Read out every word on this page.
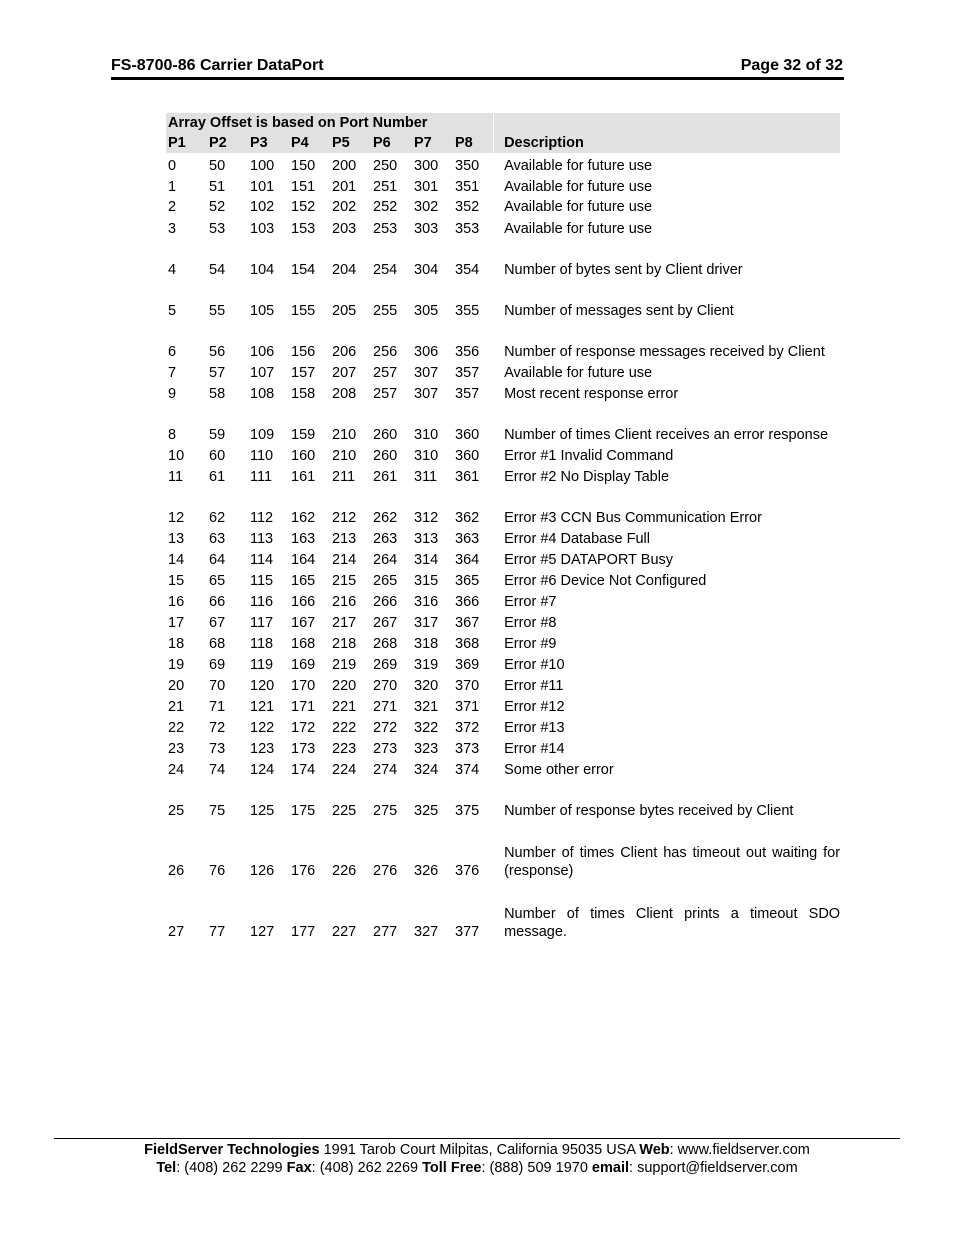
FS-8700-86 Carrier DataPort	Page 32 of 32
Array Offset is based on Port Number								
P1	P2	P3	P4	P5	P6	P7	P8		Description
0	50	100	150	200	250	300	350		Available for future use
1	51	101	151	201	251	301	351		Available for future use
2	52	102	152	202	252	302	352		Available for future use
3	53	103	153	203	253	303	353		Available for future use
4	54	104	154	204	254	304	354		Number of bytes sent by Client driver
5	55	105	155	205	255	305	355		Number of messages sent by Client
6	56	106	156	206	256	306	356		Number of response messages received by Client
7	57	107	157	207	257	307	357		Available for future use
9	58	108	158	208	257	307	357		Most recent response error
8	59	109	159	210	260	310	360		Number of times Client receives an error response
10	60	110	160	210	260	310	360		Error #1 Invalid Command
11	61	111	161	211	261	311	361		Error #2 No Display Table
12	62	112	162	212	262	312	362		Error #3 CCN Bus Communication Error
13	63	113	163	213	263	313	363		Error #4 Database Full
14	64	114	164	214	264	314	364		Error #5 DATAPORT Busy
15	65	115	165	215	265	315	365		Error #6 Device Not Configured
16	66	116	166	216	266	316	366		Error #7
17	67	117	167	217	267	317	367		Error #8
18	68	118	168	218	268	318	368		Error #9
19	69	119	169	219	269	319	369		Error #10
20	70	120	170	220	270	320	370		Error #11
21	71	121	171	221	271	321	371		Error #12
22	72	122	172	222	272	322	372		Error #13
23	73	123	173	223	273	323	373		Error #14
24	74	124	174	224	274	324	374		Some other error
25	75	125	175	225	275	325	375		Number of response bytes received by Client
26	76	126	176	226	276	326	376		Number of times Client has timeout out waiting for (response)
27	77	127	177	227	277	327	377		Number of times Client prints a timeout SDO message.
FieldServer Technologies 1991 Tarob Court Milpitas, California 95035 USA Web: www.fieldserver.com
Tel: (408) 262 2299 Fax: (408) 262 2269 Toll Free: (888) 509 1970 email: support@fieldserver.com
